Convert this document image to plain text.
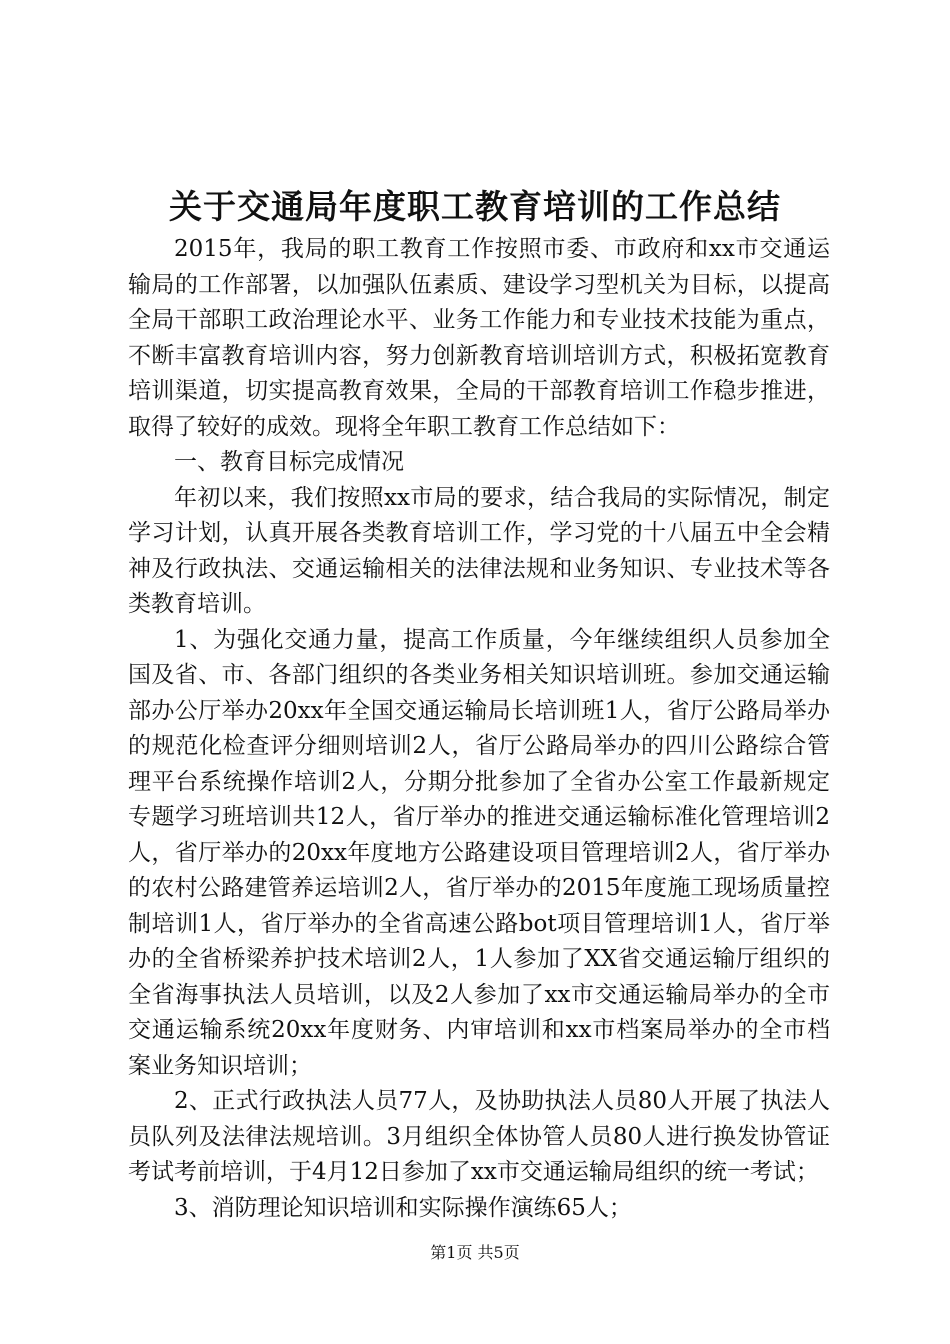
关于交通局年度职工教育培训的工作总结

2015年，我局的职工教育工作按照市委、市政府和xx市交通运输局的工作部署，以加强队伍素质、建设学习型机关为目标，以提高全局干部职工政治理论水平、业务工作能力和专业技术技能为重点，不断丰富教育培训内容，努力创新教育培训培训方式，积极拓宽教育培训渠道，切实提高教育效果，全局的干部教育培训工作稳步推进，取得了较好的成效。现将全年职工教育工作总结如下：

一、教育目标完成情况

年初以来，我们按照xx市局的要求，结合我局的实际情况，制定学习计划，认真开展各类教育培训工作，学习党的十八届五中全会精神及行政执法、交通运输相关的法律法规和业务知识、专业技术等各类教育培训。

1、为强化交通力量，提高工作质量，今年继续组织人员参加全国及省、市、各部门组织的各类业务相关知识培训班。参加交通运输部办公厅举办20xx年全国交通运输局长培训班1人，省厅公路局举办的规范化检查评分细则培训2人，省厅公路局举办的四川公路综合管理平台系统操作培训2人，分期分批参加了全省办公室工作最新规定专题学习班培训共12人，省厅举办的推进交通运输标准化管理培训2人，省厅举办的20xx年度地方公路建设项目管理培训2人，省厅举办的农村公路建管养运培训2人，省厅举办的2015年度施工现场质量控制培训1人，省厅举办的全省高速公路bot项目管理培训1人，省厅举办的全省桥梁养护技术培训2人，1人参加了XX省交通运输厅组织的全省海事执法人员培训，以及2人参加了xx市交通运输局举办的全市交通运输系统20xx年度财务、内审培训和xx市档案局举办的全市档案业务知识培训；

2、正式行政执法人员77人，及协助执法人员80人开展了执法人员队列及法律法规培训。3月组织全体协管人员80人进行换发协管证考试考前培训，于4月12日参加了xx市交通运输局组织的统一考试；

3、消防理论知识培训和实际操作演练65人；

第1页 共5页
